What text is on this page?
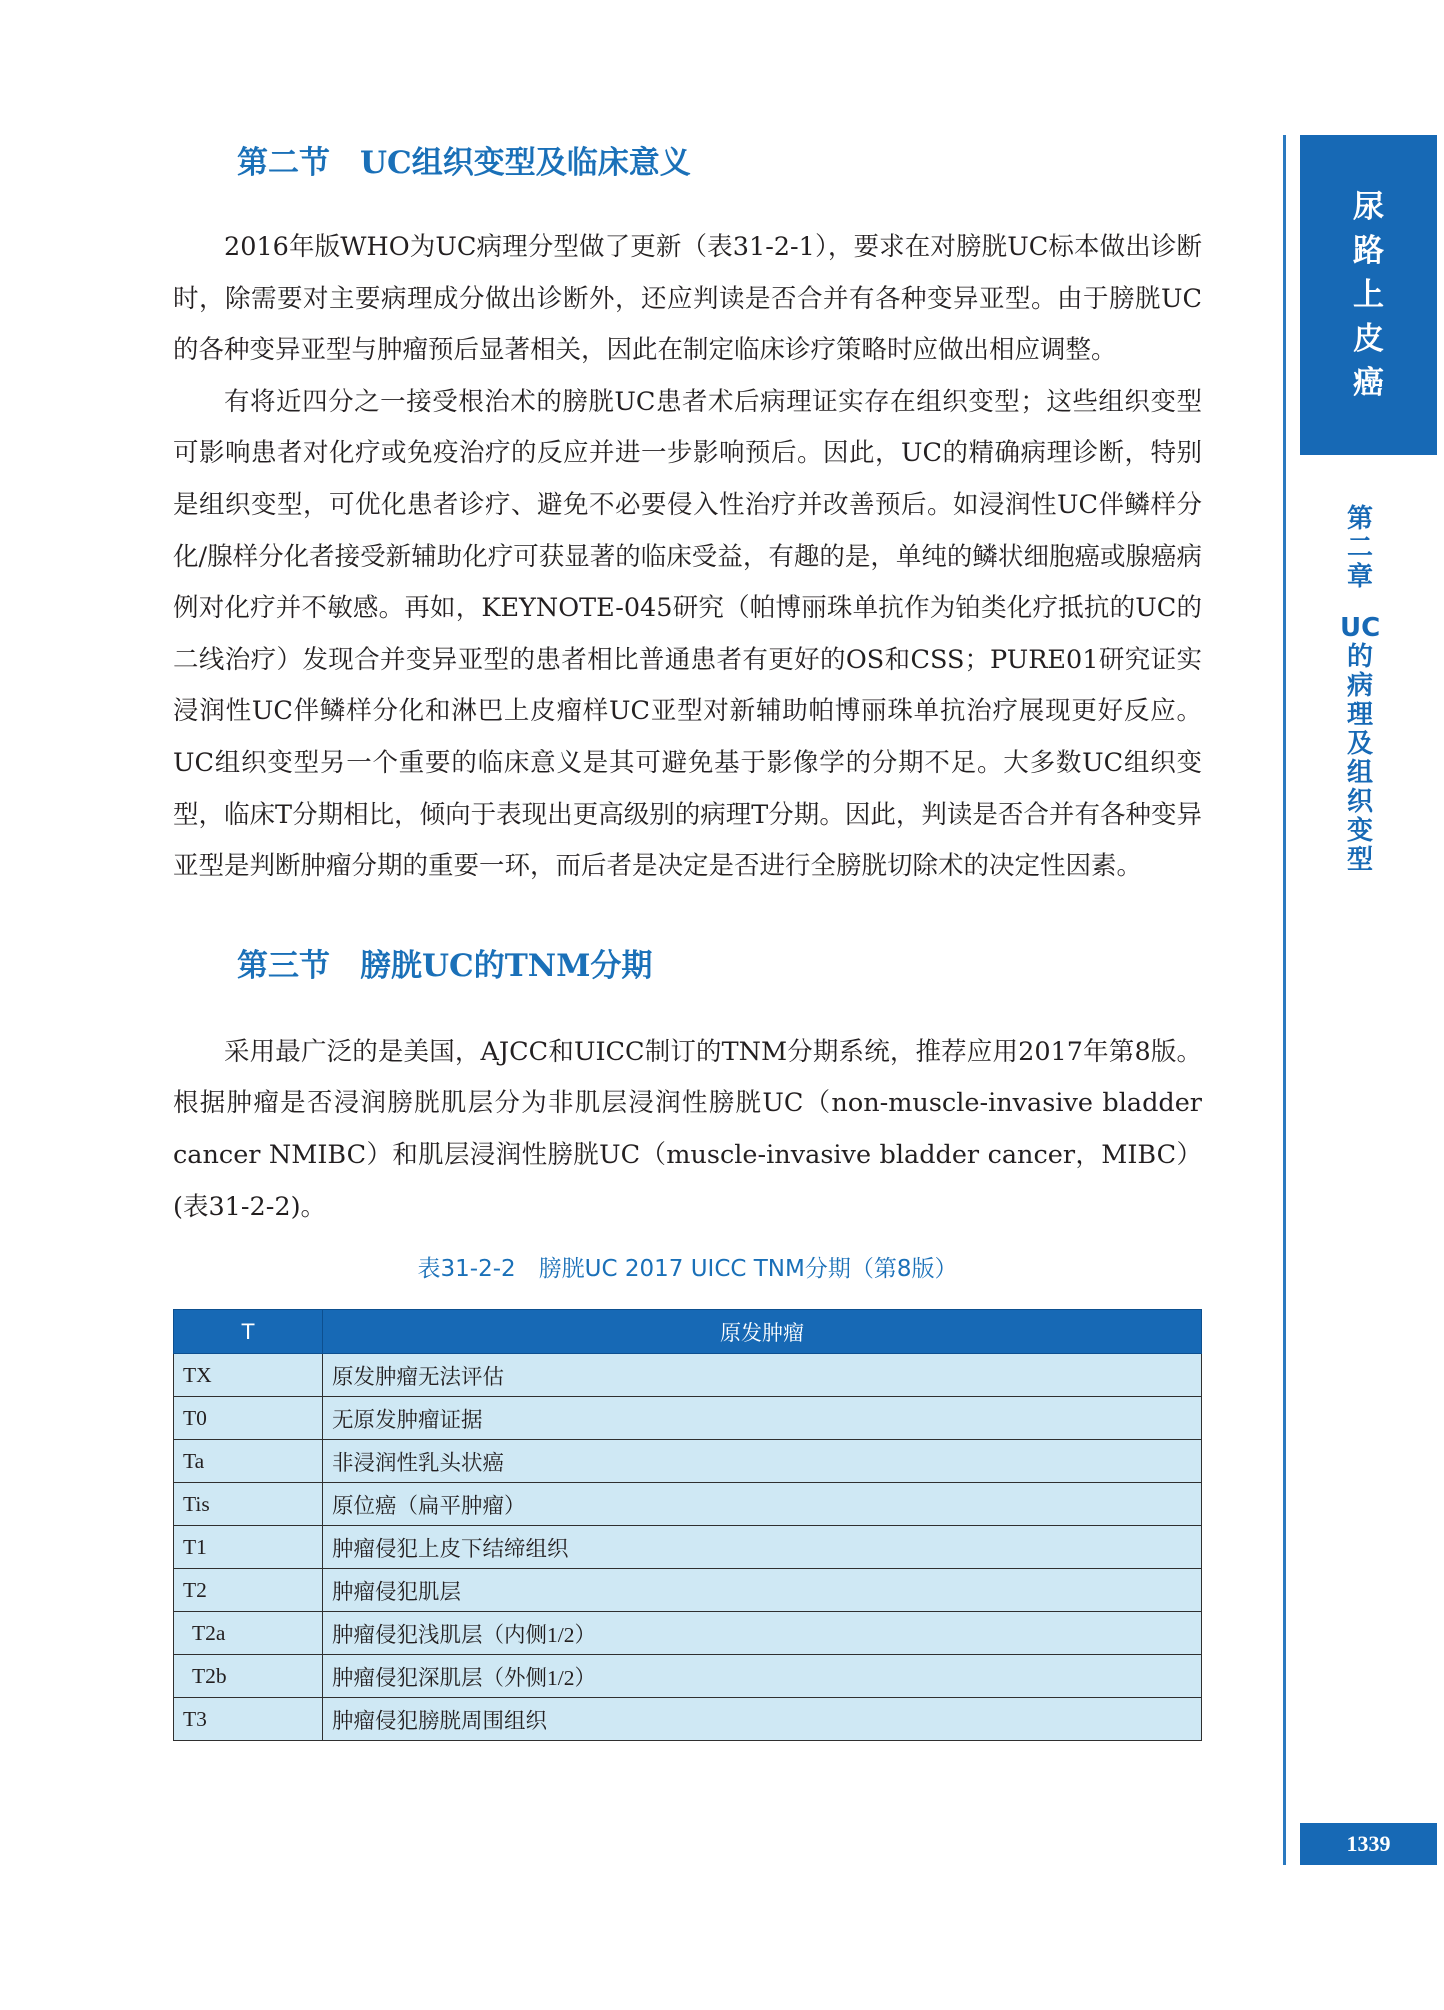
第二节 UC组织变型及临床意义

2016年版WHO为UC病理分型做了更新（表31-2-1），要求在对膀胱UC标本做出诊断时，除需要对主要病理成分做出诊断外，还应判读是否合并有各种变异亚型。由于膀胱UC的各种变异亚型与肿瘤预后显著相关，因此在制定临床诊疗策略时应做出相应调整。

有将近四分之一接受根治术的膀胱UC患者术后病理证实存在组织变型；这些组织变型可影响患者对化疗或免疫治疗的反应并进一步影响预后。因此，UC的精确病理诊断，特别是组织变型，可优化患者诊疗、避免不必要侵入性治疗并改善预后。如浸润性UC伴鳞样分化/腺样分化者接受新辅助化疗可获显著的临床受益，有趣的是，单纯的鳞状细胞癌或腺癌病例对化疗并不敏感。再如，KEYNOTE-045研究（帕博丽珠单抗作为铂类化疗抵抗的UC的二线治疗）发现合并变异亚型的患者相比普通患者有更好的OS和CSS；PURE01研究证实浸润性UC伴鳞样分化和淋巴上皮瘤样UC亚型对新辅助帕博丽珠单抗治疗展现更好反应。UC组织变型另一个重要的临床意义是其可避免基于影像学的分期不足。大多数UC组织变型，临床T分期相比，倾向于表现出更高级别的病理T分期。因此，判读是否合并有各种变异亚型是判断肿瘤分期的重要一环，而后者是决定是否进行全膀胱切除术的决定性因素。

第三节 膀胱UC的TNM分期

采用最广泛的是美国，AJCC和UICC制订的TNM分期系统，推荐应用2017年第8版。根据肿瘤是否浸润膀胱肌层分为非肌层浸润性膀胱UC（non-muscle-invasive bladder cancer NMIBC）和肌层浸润性膀胱UC（muscle-invasive bladder cancer，MIBC）(表31-2-2)。

表31-2-2　膀胱UC 2017 UICC TNM分期（第8版）
T	原发肿瘤
TX	原发肿瘤无法评估
T0	无原发肿瘤证据
Ta	非浸润性乳头状癌
Tis	原位癌（扁平肿瘤）
T1	肿瘤侵犯上皮下结缔组织
T2	肿瘤侵犯肌层
T2a	肿瘤侵犯浅肌层（内侧1/2）
T2b	肿瘤侵犯深肌层（外侧1/2）
T3	肿瘤侵犯膀胱周围组织
尿
路
上
皮
癌
第
二
章
UC
的
病
理
及
组
织
变
型
1339
